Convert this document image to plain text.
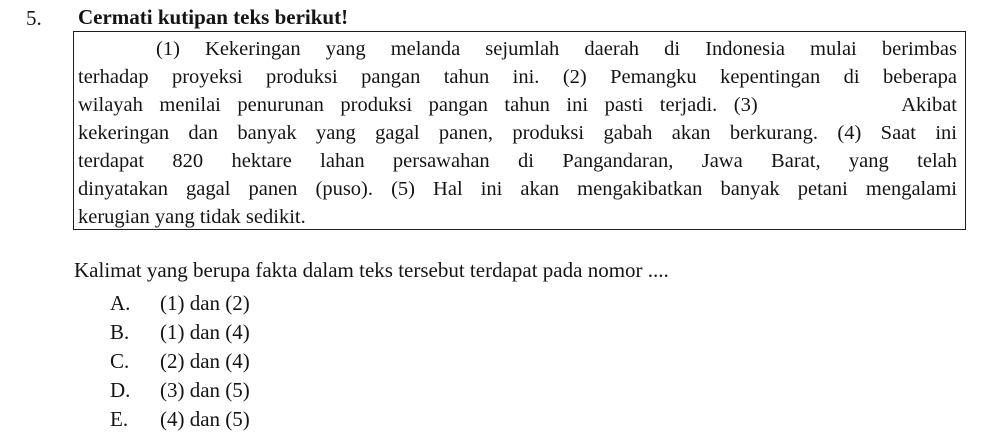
5. Cermati kutipan teks berikut!
(1) Kekeringan yang melanda sejumlah daerah di Indonesia mulai berimbas
terhadap proyeksi produksi pangan tahun ini. (2) Pemangku kepentingan di beberapa
wilayah menilai penurunan produksi pangan tahun ini pasti terjadi. (3)       Akibat
kekeringan dan banyak yang gagal panen, produksi gabah akan berkurang. (4) Saat ini
terdapat 820 hektare lahan persawahan di Pangandaran, Jawa Barat, yang telah
dinyatakan gagal panen (puso). (5) Hal ini akan mengakibatkan banyak petani mengalami
kerugian yang tidak sedikit.
Kalimat yang berupa fakta dalam teks tersebut terdapat pada nomor ....
A. (1) dan (2)
B. (1) dan (4)
C. (2) dan (4)
D. (3) dan (5)
E. (4) dan (5)
